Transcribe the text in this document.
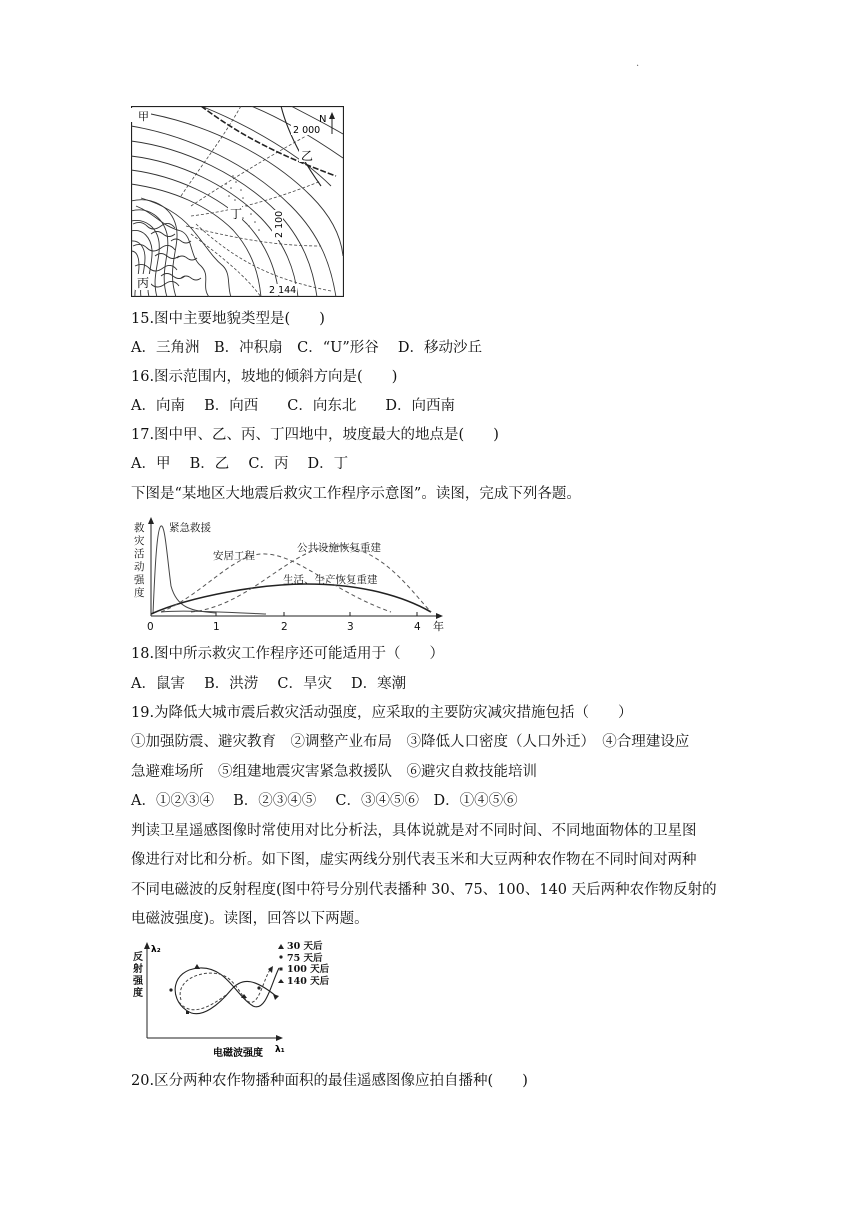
.
N
2 000
乙
甲
丁	2 100
丙
2 144
15.图中主要地貌类型是(　　)
A．三角洲　B．冲积扇　C．“U”形谷　 D．移动沙丘
16.图示范围内，坡地的倾斜方向是(　　)
A．向南　 B．向西　　C．向东北　　D．向西南
17.图中甲、乙、丙、丁四地中，坡度最大的地点是(　　)
A．甲　 B．乙　 C．丙　 D．丁
下图是“某地区大地震后救灾工作程序示意图”。读图，完成下列各题。
救
灾
活
动
强
度
0	1	2	3	4 年
紧急救援
安居工程
公共设施恢复重建
生活、生产恢复重建
18.图中所示救灾工作程序还可能适用于（　　）
A．鼠害　 B．洪涝　 C．旱灾　 D．寒潮
19.为降低大城市震后救灾活动强度，应采取的主要防灾减灾措施包括（　　）
①加强防震、避灾教育　②调整产业布局　③降低人口密度（人口外迁）　④合理建设应
急避难场所　⑤组建地震灾害紧急救援队　⑥避灾自救技能培训
A．①②③④　 B．②③④⑤　 C．③④⑤⑥　D．①④⑤⑥
判读卫星遥感图像时常使用对比分析法，具体说就是对不同时间、不同地面物体的卫星图
像进行对比和分析。如下图，虚实两线分别代表玉米和大豆两种农作物在不同时间对两种
不同电磁波的反射程度(图中符号分别代表播种 30、75、100、140 天后两种农作物反射的
电磁波强度)。读图，回答以下两题。
λ₂
λ₁
反
射
强
度
电磁波强度
30 天后
75 天后
100 天后
140 天后
20.区分两种农作物播种面积的最佳遥感图像应拍自播种(　　)
